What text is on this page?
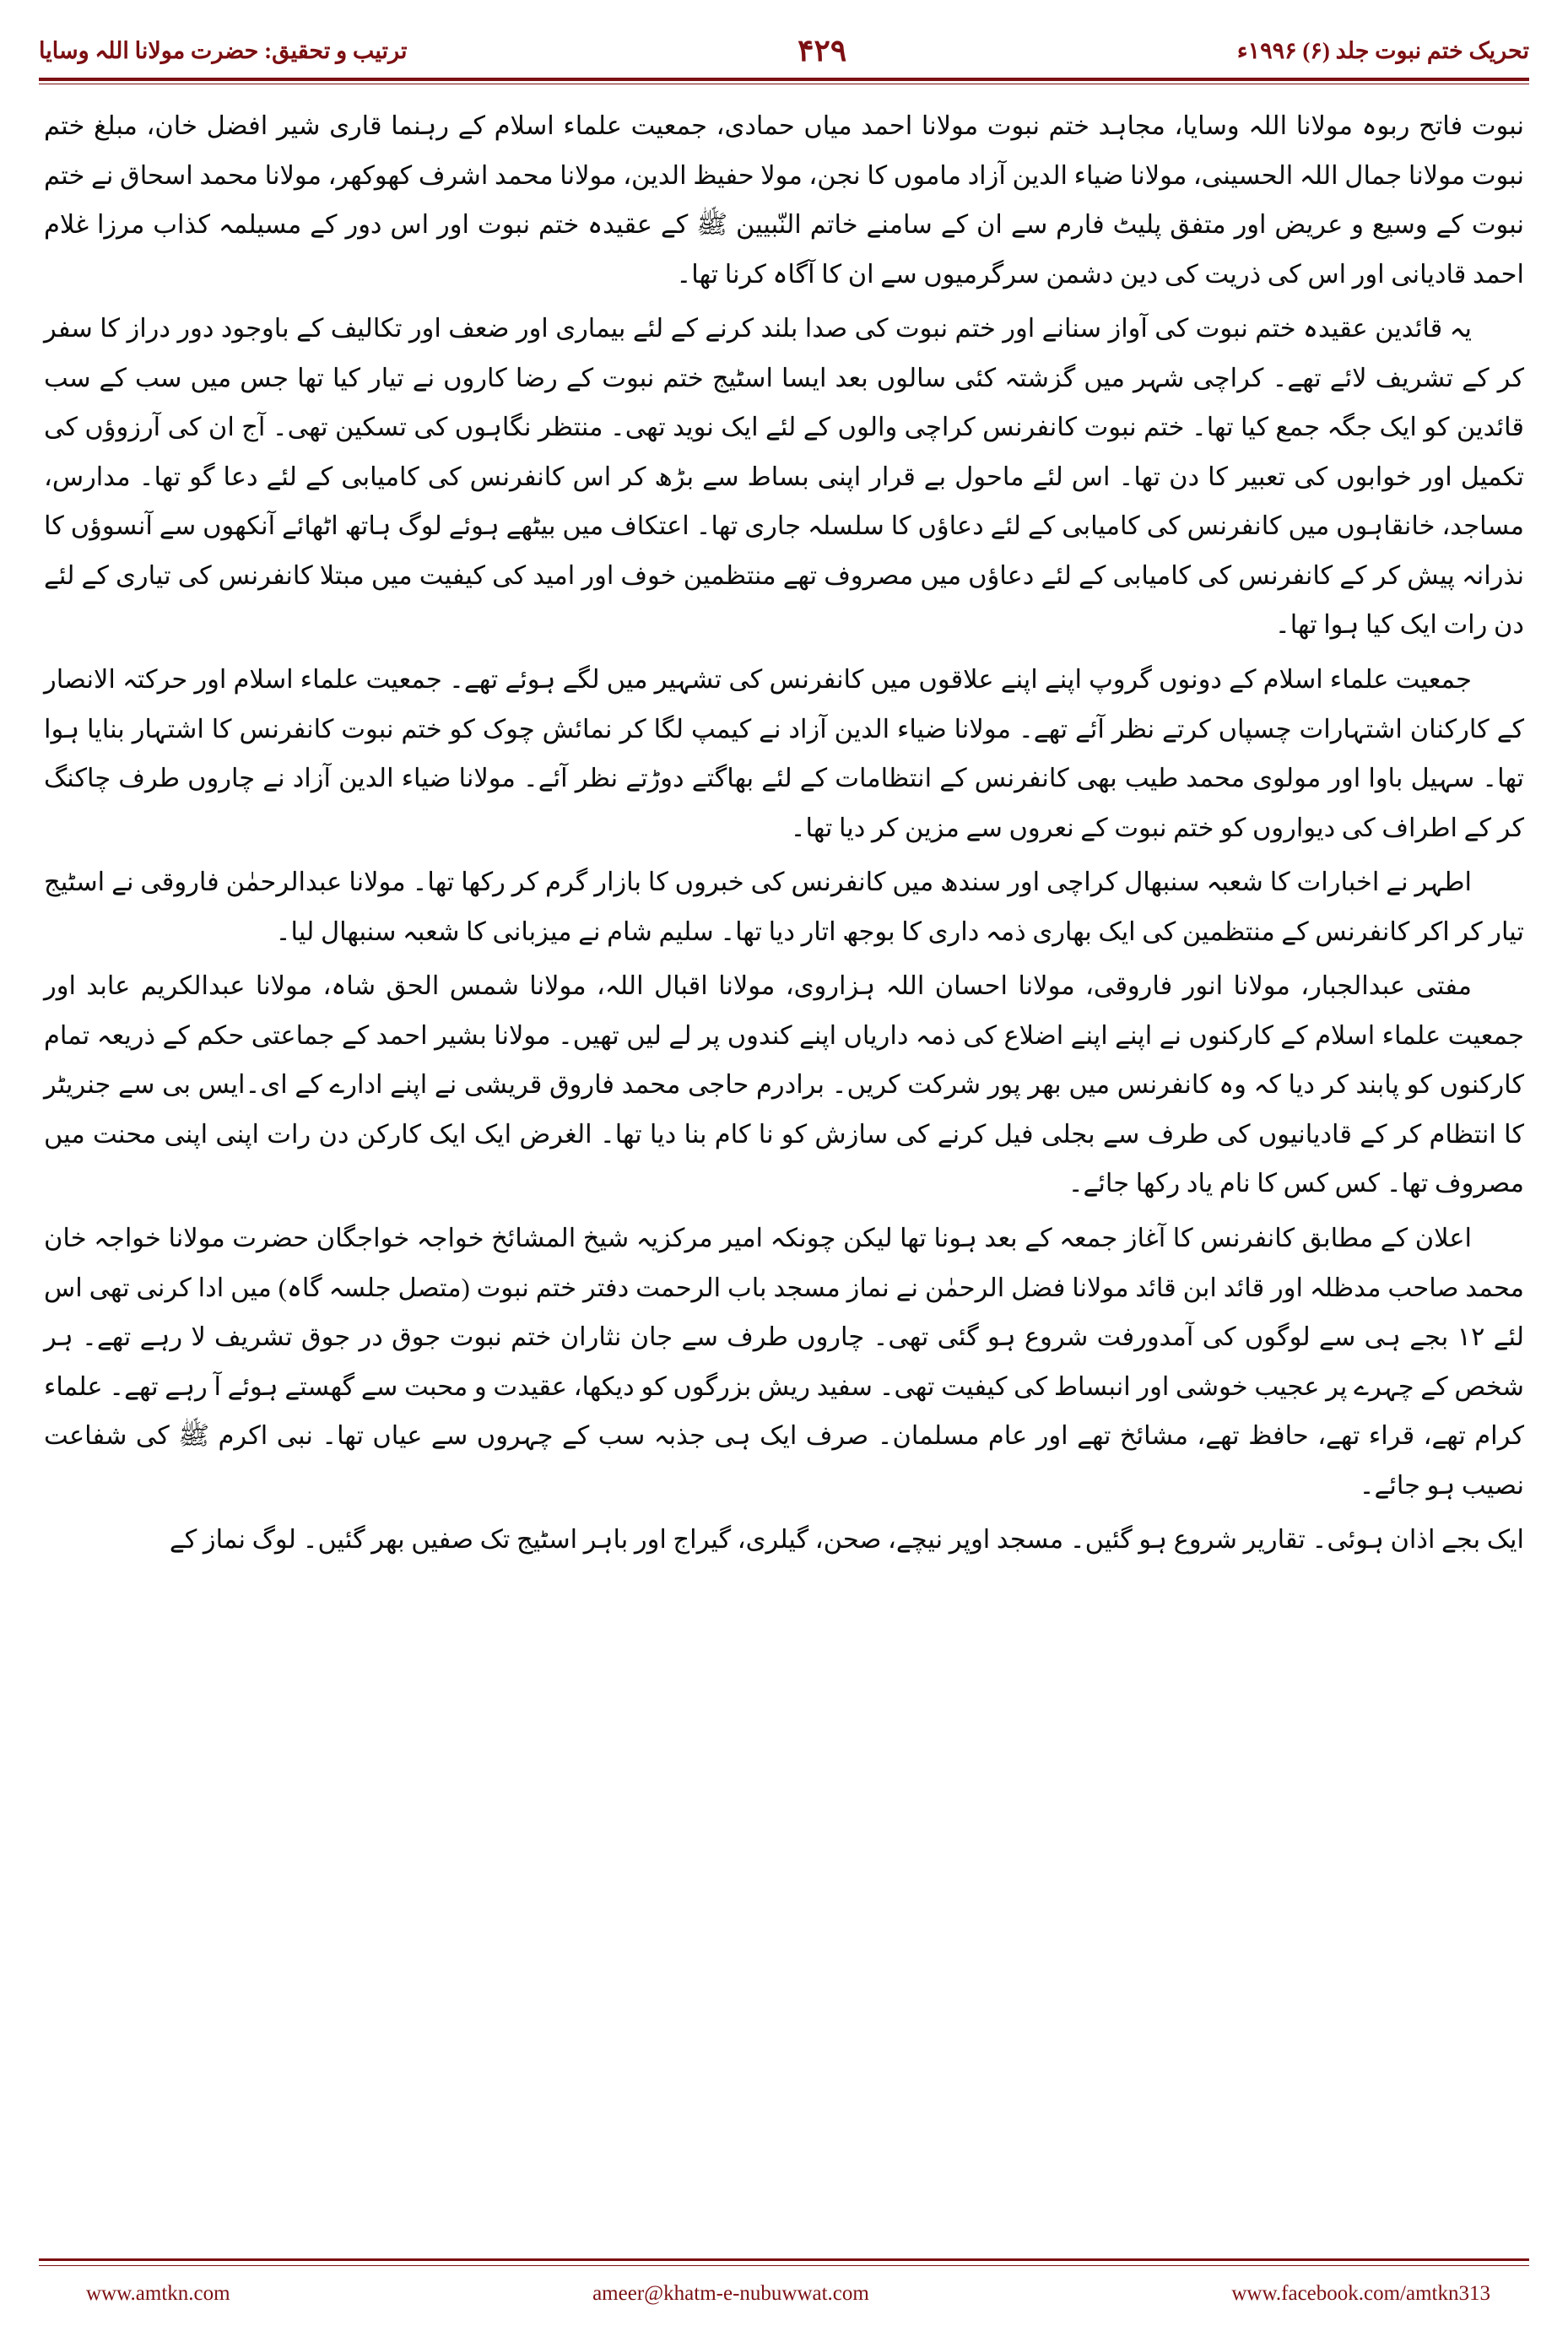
تحریک ختم نبوت جلد (۶) ۱۹۹۶ء
۴۲۹
ترتیب و تحقیق: حضرت مولانا اللہ وسایا

نبوت فاتح ربوہ مولانا اللہ وسایا، مجاہد ختم نبوت مولانا احمد میاں حمادی، جمعیت علماء اسلام کے رہنما قاری شیر افضل خان، مبلغ ختم نبوت مولانا جمال اللہ الحسینی، مولانا ضیاء الدین آزاد ماموں کا نجن، مولا حفیظ الدین، مولانا محمد اشرف کھوکھر، مولانا محمد اسحاق نے ختم نبوت کے وسیع و عریض اور متفق پلیٹ فارم سے ان کے سامنے خاتم النّبیین ﷺ کے عقیدہ ختم نبوت اور اس دور کے مسیلمہ کذاب مرزا غلام احمد قادیانی اور اس کی ذریت کی دین دشمن سرگرمیوں سے ان کا آگاہ کرنا تھا۔

یہ قائدین عقیدہ ختم نبوت کی آواز سنانے اور ختم نبوت کی صدا بلند کرنے کے لئے بیماری اور ضعف اور تکالیف کے باوجود دور دراز کا سفر کر کے تشریف لائے تھے۔ کراچی شہر میں گزشتہ کئی سالوں بعد ایسا اسٹیج ختم نبوت کے رضا کاروں نے تیار کیا تھا جس میں سب کے سب قائدین کو ایک جگہ جمع کیا تھا۔ ختم نبوت کانفرنس کراچی والوں کے لئے ایک نوید تھی۔ منتظر نگاہوں کی تسکین تھی۔ آج ان کی آرزوؤں کی تکمیل اور خوابوں کی تعبیر کا دن تھا۔ اس لئے ماحول بے قرار اپنی بساط سے بڑھ کر اس کانفرنس کی کامیابی کے لئے دعا گو تھا۔ مدارس، مساجد، خانقاہوں میں کانفرنس کی کامیابی کے لئے دعاؤں کا سلسلہ جاری تھا۔ اعتکاف میں بیٹھے ہوئے لوگ ہاتھ اٹھائے آنکھوں سے آنسوؤں کا نذرانہ پیش کر کے کانفرنس کی کامیابی کے لئے دعاؤں میں مصروف تھے منتظمین خوف اور امید کی کیفیت میں مبتلا کانفرنس کی تیاری کے لئے دن رات ایک کیا ہوا تھا۔

جمعیت علماء اسلام کے دونوں گروپ اپنے اپنے علاقوں میں کانفرنس کی تشہیر میں لگے ہوئے تھے۔ جمعیت علماء اسلام اور حرکتہ الانصار کے کارکنان اشتہارات چسپاں کرتے نظر آئے تھے۔ مولانا ضیاء الدین آزاد نے کیمپ لگا کر نمائش چوک کو ختم نبوت کانفرنس کا اشتہار بنایا ہوا تھا۔ سہیل باوا اور مولوی محمد طیب بھی کانفرنس کے انتظامات کے لئے بھاگتے دوڑتے نظر آئے۔ مولانا ضیاء الدین آزاد نے چاروں طرف چاکنگ کر کے اطراف کی دیواروں کو ختم نبوت کے نعروں سے مزین کر دیا تھا۔

اطہر نے اخبارات کا شعبہ سنبھال کراچی اور سندھ میں کانفرنس کی خبروں کا بازار گرم کر رکھا تھا۔ مولانا عبدالرحمٰن فاروقی نے اسٹیج تیار کر اکر کانفرنس کے منتظمین کی ایک بھاری ذمہ داری کا بوجھ اتار دیا تھا۔ سلیم شام نے میزبانی کا شعبہ سنبھال لیا۔

مفتی عبدالجبار، مولانا انور فاروقی، مولانا احسان اللہ ہزاروی، مولانا اقبال اللہ، مولانا شمس الحق شاہ، مولانا عبدالکریم عابد اور جمعیت علماء اسلام کے کارکنوں نے اپنے اپنے اضلاع کی ذمہ داریاں اپنے کندوں پر لے لیں تھیں۔ مولانا بشیر احمد کے جماعتی حکم کے ذریعہ تمام کارکنوں کو پابند کر دیا کہ وہ کانفرنس میں بھر پور شرکت کریں۔ برادرم حاجی محمد فاروق قریشی نے اپنے ادارے کے ای۔ایس بی سے جنریٹر کا انتظام کر کے قادیانیوں کی طرف سے بجلی فیل کرنے کی سازش کو نا کام بنا دیا تھا۔ الغرض ایک ایک کارکن دن رات اپنی اپنی محنت میں مصروف تھا۔ کس کس کا نام یاد رکھا جائے۔

اعلان کے مطابق کانفرنس کا آغاز جمعہ کے بعد ہونا تھا لیکن چونکہ امیر مرکزیہ شیخ المشائخ خواجہ خواجگان حضرت مولانا خواجہ خان محمد صاحب مدظلہ اور قائد ابن قائد مولانا فضل الرحمٰن نے نماز مسجد باب الرحمت دفتر ختم نبوت (متصل جلسہ گاہ) میں ادا کرنی تھی اس لئے ۱۲ بجے ہی سے لوگوں کی آمدورفت شروع ہو گئی تھی۔ چاروں طرف سے جان نثاران ختم نبوت جوق در جوق تشریف لا رہے تھے۔ ہر شخص کے چہرے پر عجیب خوشی اور انبساط کی کیفیت تھی۔ سفید ریش بزرگوں کو دیکھا، عقیدت و محبت سے گھستے ہوئے آ رہے تھے۔ علماء کرام تھے، قراء تھے، حافظ تھے، مشائخ تھے اور عام مسلمان۔ صرف ایک ہی جذبہ سب کے چہروں سے عیاں تھا۔ نبی اکرم ﷺ کی شفاعت نصیب ہو جائے۔

ایک بجے اذان ہوئی۔ تقاریر شروع ہو گئیں۔ مسجد اوپر نیچے، صحن، گیلری، گیراج اور باہر اسٹیج تک صفیں بھر گئیں۔ لوگ نماز کے

www.amtkn.com	ameer@khatm-e-nubuwwat.com	www.facebook.com/amtkn313
